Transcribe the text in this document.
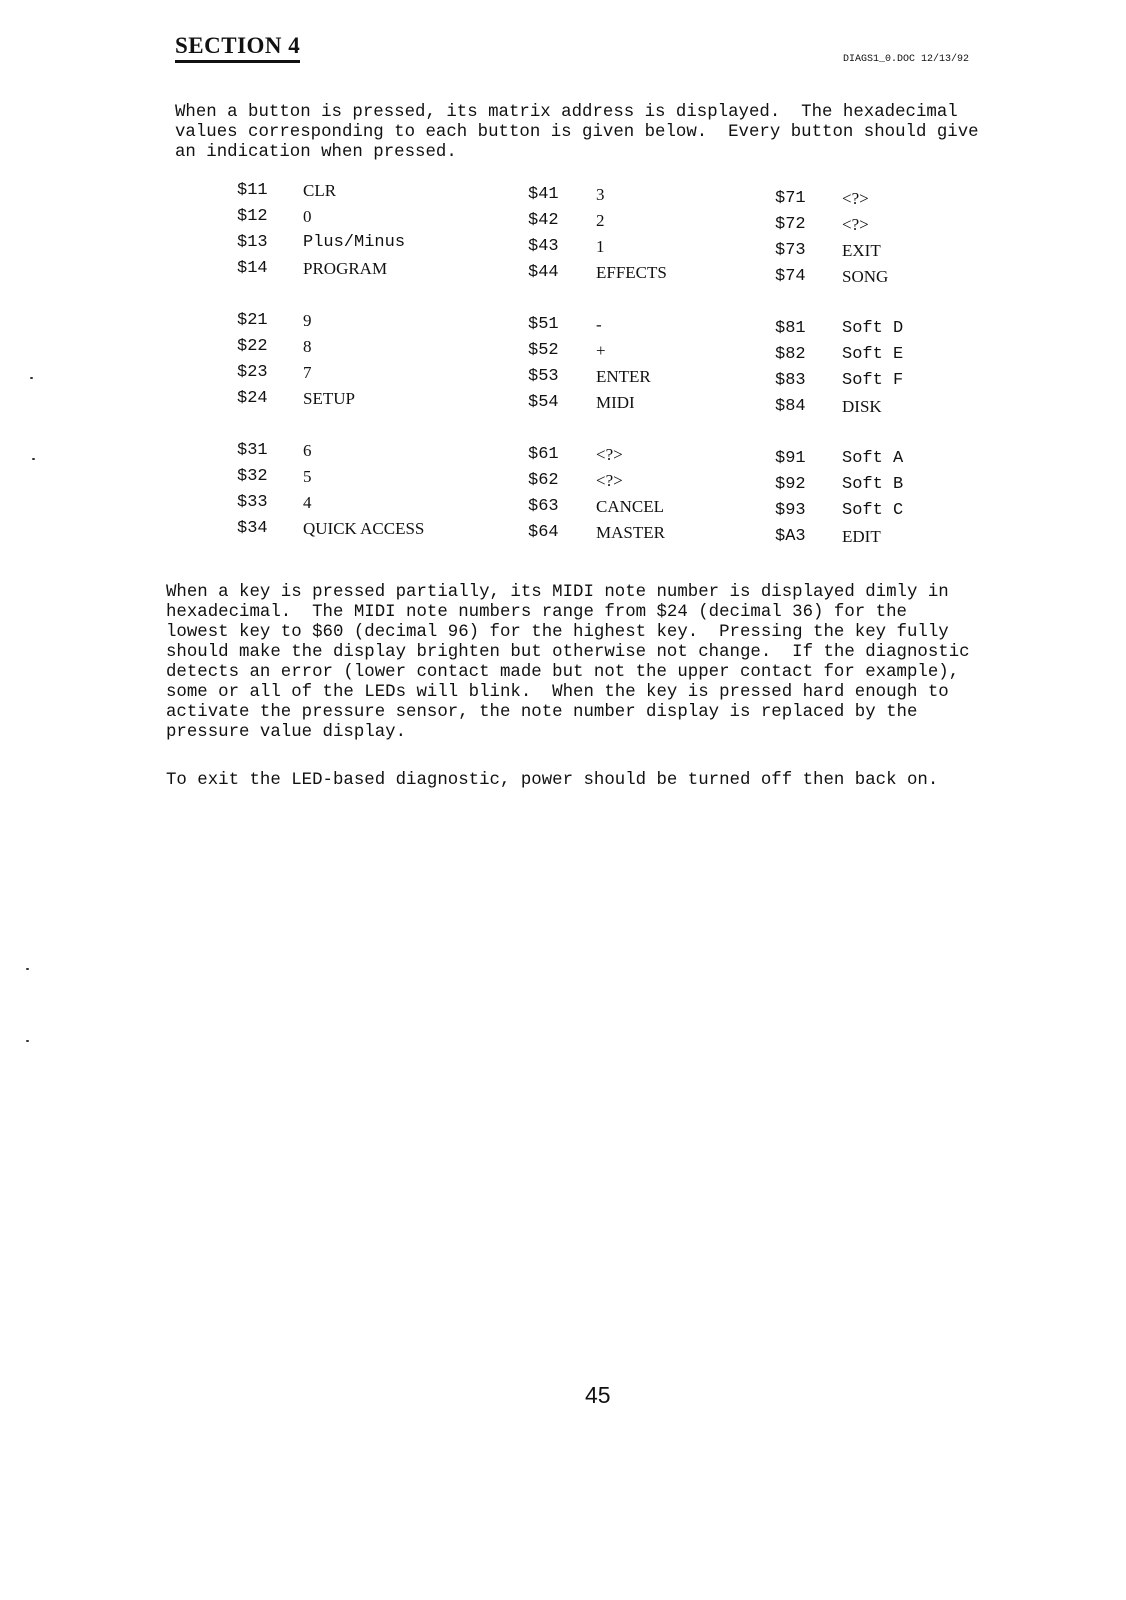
SECTION 4
DIAGS1_0.DOC 12/13/92

When a button is pressed, its matrix address is displayed.  The hexadecimal
values corresponding to each button is given below.  Every button should give
an indication when pressed.

$11 CLR
$12 0
$13 Plus/Minus
$14 PROGRAM
$21 9
$22 8
$23 7
$24 SETUP
$31 6
$32 5
$33 4
$34 QUICK ACCESS
$41 3
$42 2
$43 1
$44 EFFECTS
$51 -
$52 +
$53 ENTER
$54 MIDI
$61 <?>
$62 <?>
$63 CANCEL
$64 MASTER
$71 <?>
$72 <?>
$73 EXIT
$74 SONG
$81 Soft D
$82 Soft E
$83 Soft F
$84 DISK
$91 Soft A
$92 Soft B
$93 Soft C
$A3 EDIT

When a key is pressed partially, its MIDI note number is displayed dimly in
hexadecimal.  The MIDI note numbers range from $24 (decimal 36) for the
lowest key to $60 (decimal 96) for the highest key.  Pressing the key fully
should make the display brighten but otherwise not change.  If the diagnostic
detects an error (lower contact made but not the upper contact for example),
some or all of the LEDs will blink.  When the key is pressed hard enough to
activate the pressure sensor, the note number display is replaced by the
pressure value display.

To exit the LED-based diagnostic, power should be turned off then back on.

45
